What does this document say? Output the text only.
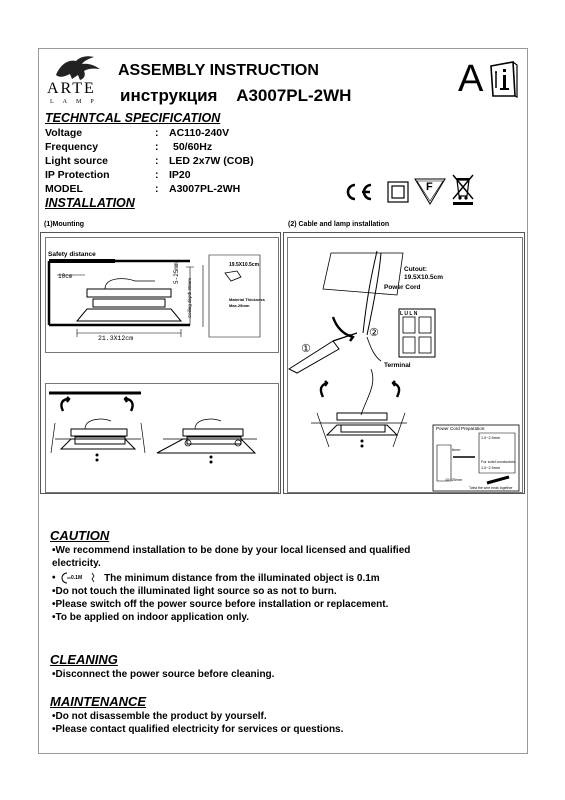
ARTE
LAMP
ASSEMBLY INSTRUCTION
инструкция A3007PL-2WH	A
TECHNTCAL SPECIFICATION
Voltage	: AC110-240V
Frequency	: 50/60Hz
Light source	: LED 2x7W (COB)
IP Protection	: IP20
MODEL	: A3007PL-2WH	F
INSTALLATION
(1)Mounting	(2) Cable and lamp installation
Safety distance
10cm	5-25mm
Ceiling depth 90mm
21.3X12cm
19.5X10.5cm
Material Thickness
Max.25mm
Cutout:
19.5X10.5cm
Power Cord
Terminal
①
②
L U L N
Power Cord Preparation:
1.0~2.5mm
1.0~2.5mm
For solid conductors
Twist the wire ends together
6mm
10~25mm
CAUTION
•We recommend installation to be done by your local licensed and qualified
electricity.
•	0.1M The minimum distance from the illuminated object is 0.1m
•Do not touch the illuminated light source so as not to burn.
•Please switch off the power source before installation or replacement.
•To be applied on indoor application only.
CLEANING
•Disconnect the power source before cleaning.
MAINTENANCE
•Do not disassemble the product by yourself.
•Please contact qualified electricity for services or questions.
